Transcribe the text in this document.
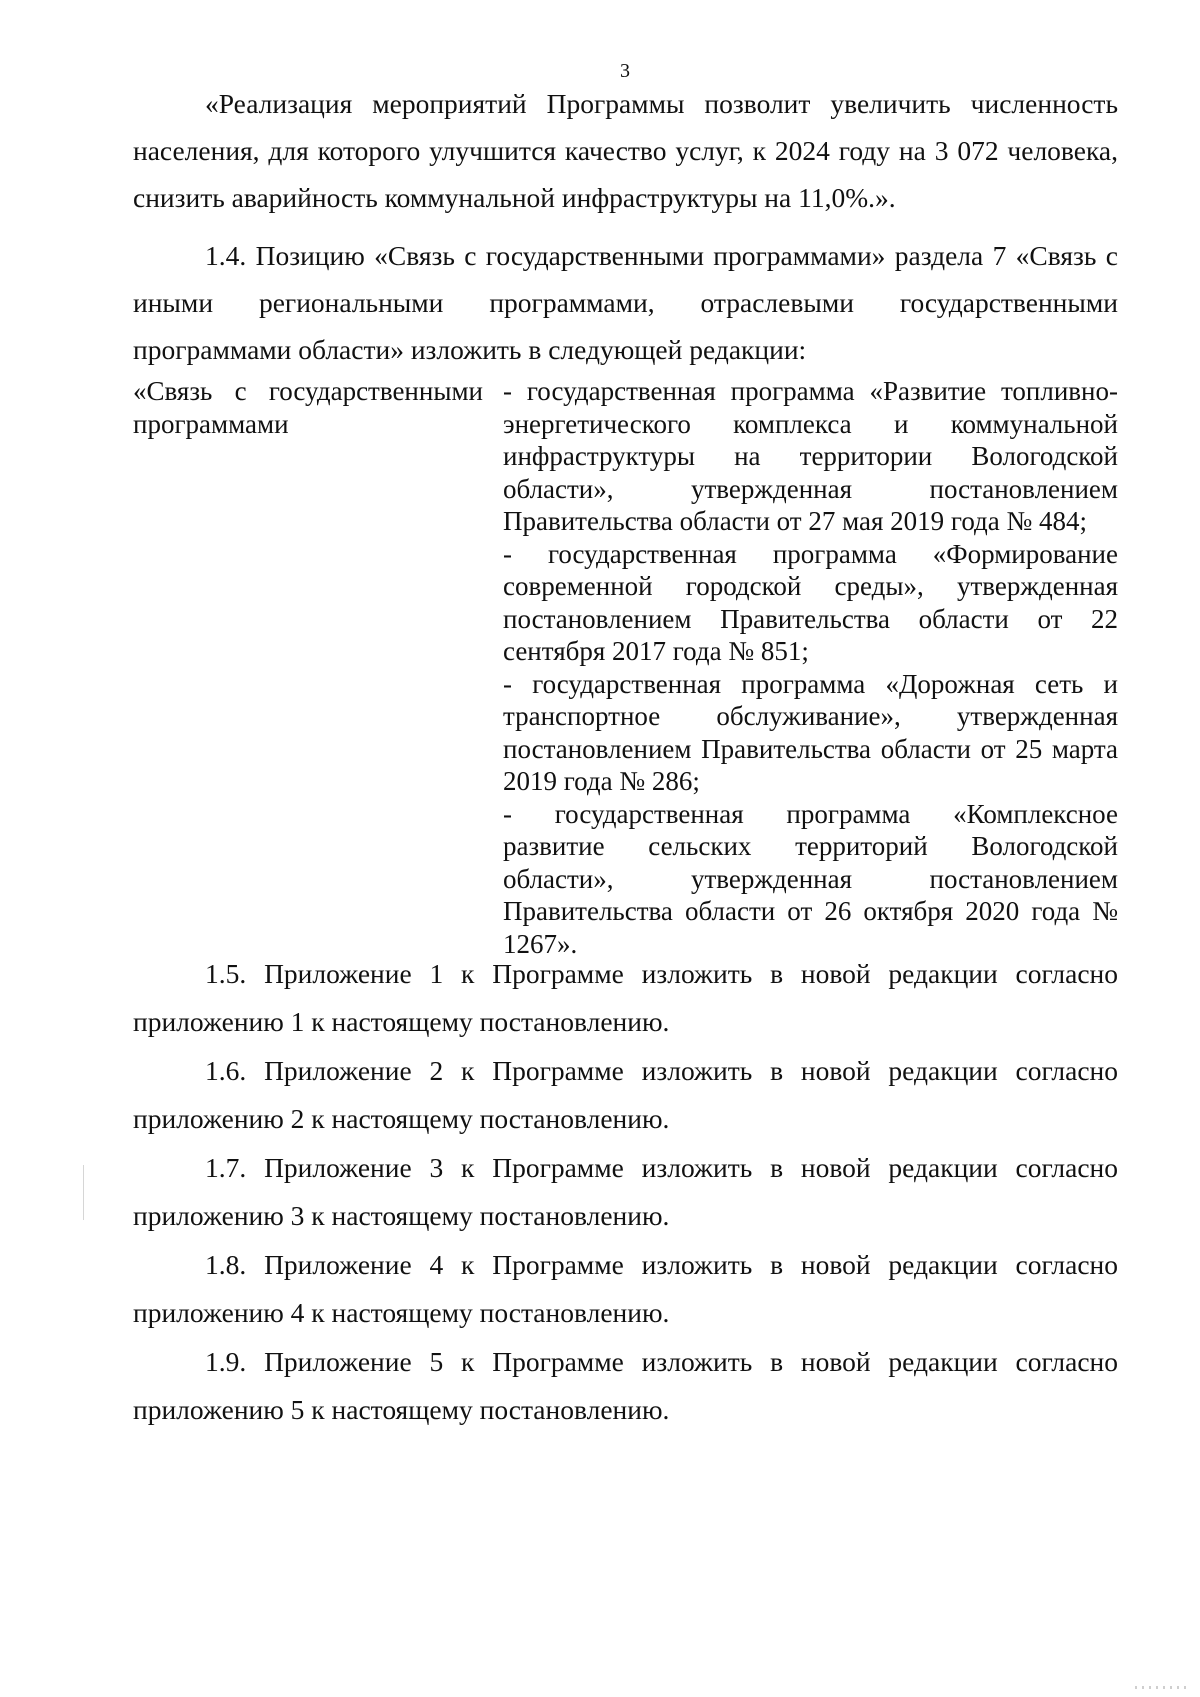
3

«Реализация мероприятий Программы позволит увеличить численность населения, для которого улучшится качество услуг, к 2024 году на 3 072 человека, снизить аварийность коммунальной инфраструктуры на 11,0%.».

1.4. Позицию «Связь с государственными программами» раздела 7 «Связь с иными региональными программами, отраслевыми государственными программами области» изложить в следующей редакции:

«Связь с государственными программами

- государственная программа «Развитие топливно-энергетического комплекса и коммунальной инфраструктуры на территории Вологодской области», утвержденная постановлением Правительства области от 27 мая 2019 года № 484;

- государственная программа «Формирование современной городской среды», утвержденная постановлением Правительства области от 22 сентября 2017 года № 851;

- государственная программа «Дорожная сеть и транспортное обслуживание», утвержденная постановлением Правительства области от 25 марта 2019 года № 286;

- государственная программа «Комплексное развитие сельских территорий Вологодской области», утвержденная постановлением Правительства области от 26 октября 2020 года № 1267».

1.5. Приложение 1 к Программе изложить в новой редакции согласно приложению 1 к настоящему постановлению.

1.6. Приложение 2 к Программе изложить в новой редакции согласно приложению 2 к настоящему постановлению.

1.7. Приложение 3 к Программе изложить в новой редакции согласно приложению 3 к настоящему постановлению.

1.8. Приложение 4 к Программе изложить в новой редакции согласно приложению 4 к настоящему постановлению.

1.9. Приложение 5 к Программе изложить в новой редакции согласно приложению 5 к настоящему постановлению.
